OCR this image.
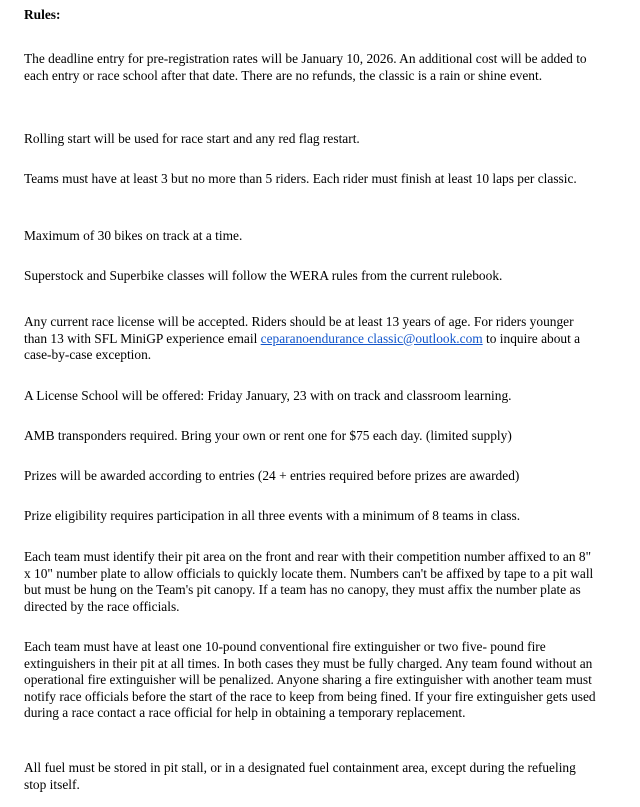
Rules:

The deadline entry for pre-registration rates will be January 10, 2026. An additional cost will be added to each entry or race school after that date. There are no refunds, the classic is a rain or shine event.

Rolling start will be used for race start and any red flag restart.

Teams must have at least 3 but no more than 5 riders. Each rider must finish at least 10 laps per classic.

Maximum of 30 bikes on track at a time.

Superstock and Superbike classes will follow the WERA rules from the current rulebook.

Any current race license will be accepted. Riders should be at least 13 years of age. For riders younger than 13 with SFL MiniGP experience email ceparanoendurance classic@outlook.com to inquire about a case-by-case exception.

A License School will be offered: Friday January, 23 with on track and classroom learning.

AMB transponders required. Bring your own or rent one for $75 each day. (limited supply)

Prizes will be awarded according to entries (24 + entries required before prizes are awarded)

Prize eligibility requires participation in all three events with a minimum of 8 teams in class.

Each team must identify their pit area on the front and rear with their competition number affixed to an 8" x 10" number plate to allow officials to quickly locate them. Numbers can't be affixed by tape to a pit wall but must be hung on the Team's pit canopy. If a team has no canopy, they must affix the number plate as directed by the race officials.

Each team must have at least one 10-pound conventional fire extinguisher or two five- pound fire extinguishers in their pit at all times. In both cases they must be fully charged. Any team found without an operational fire extinguisher will be penalized. Anyone sharing a fire extinguisher with another team must notify race officials before the start of the race to keep from being fined. If your fire extinguisher gets used during a race contact a race official for help in obtaining a temporary replacement.

All fuel must be stored in pit stall, or in a designated fuel containment area, except during the refueling stop itself.
